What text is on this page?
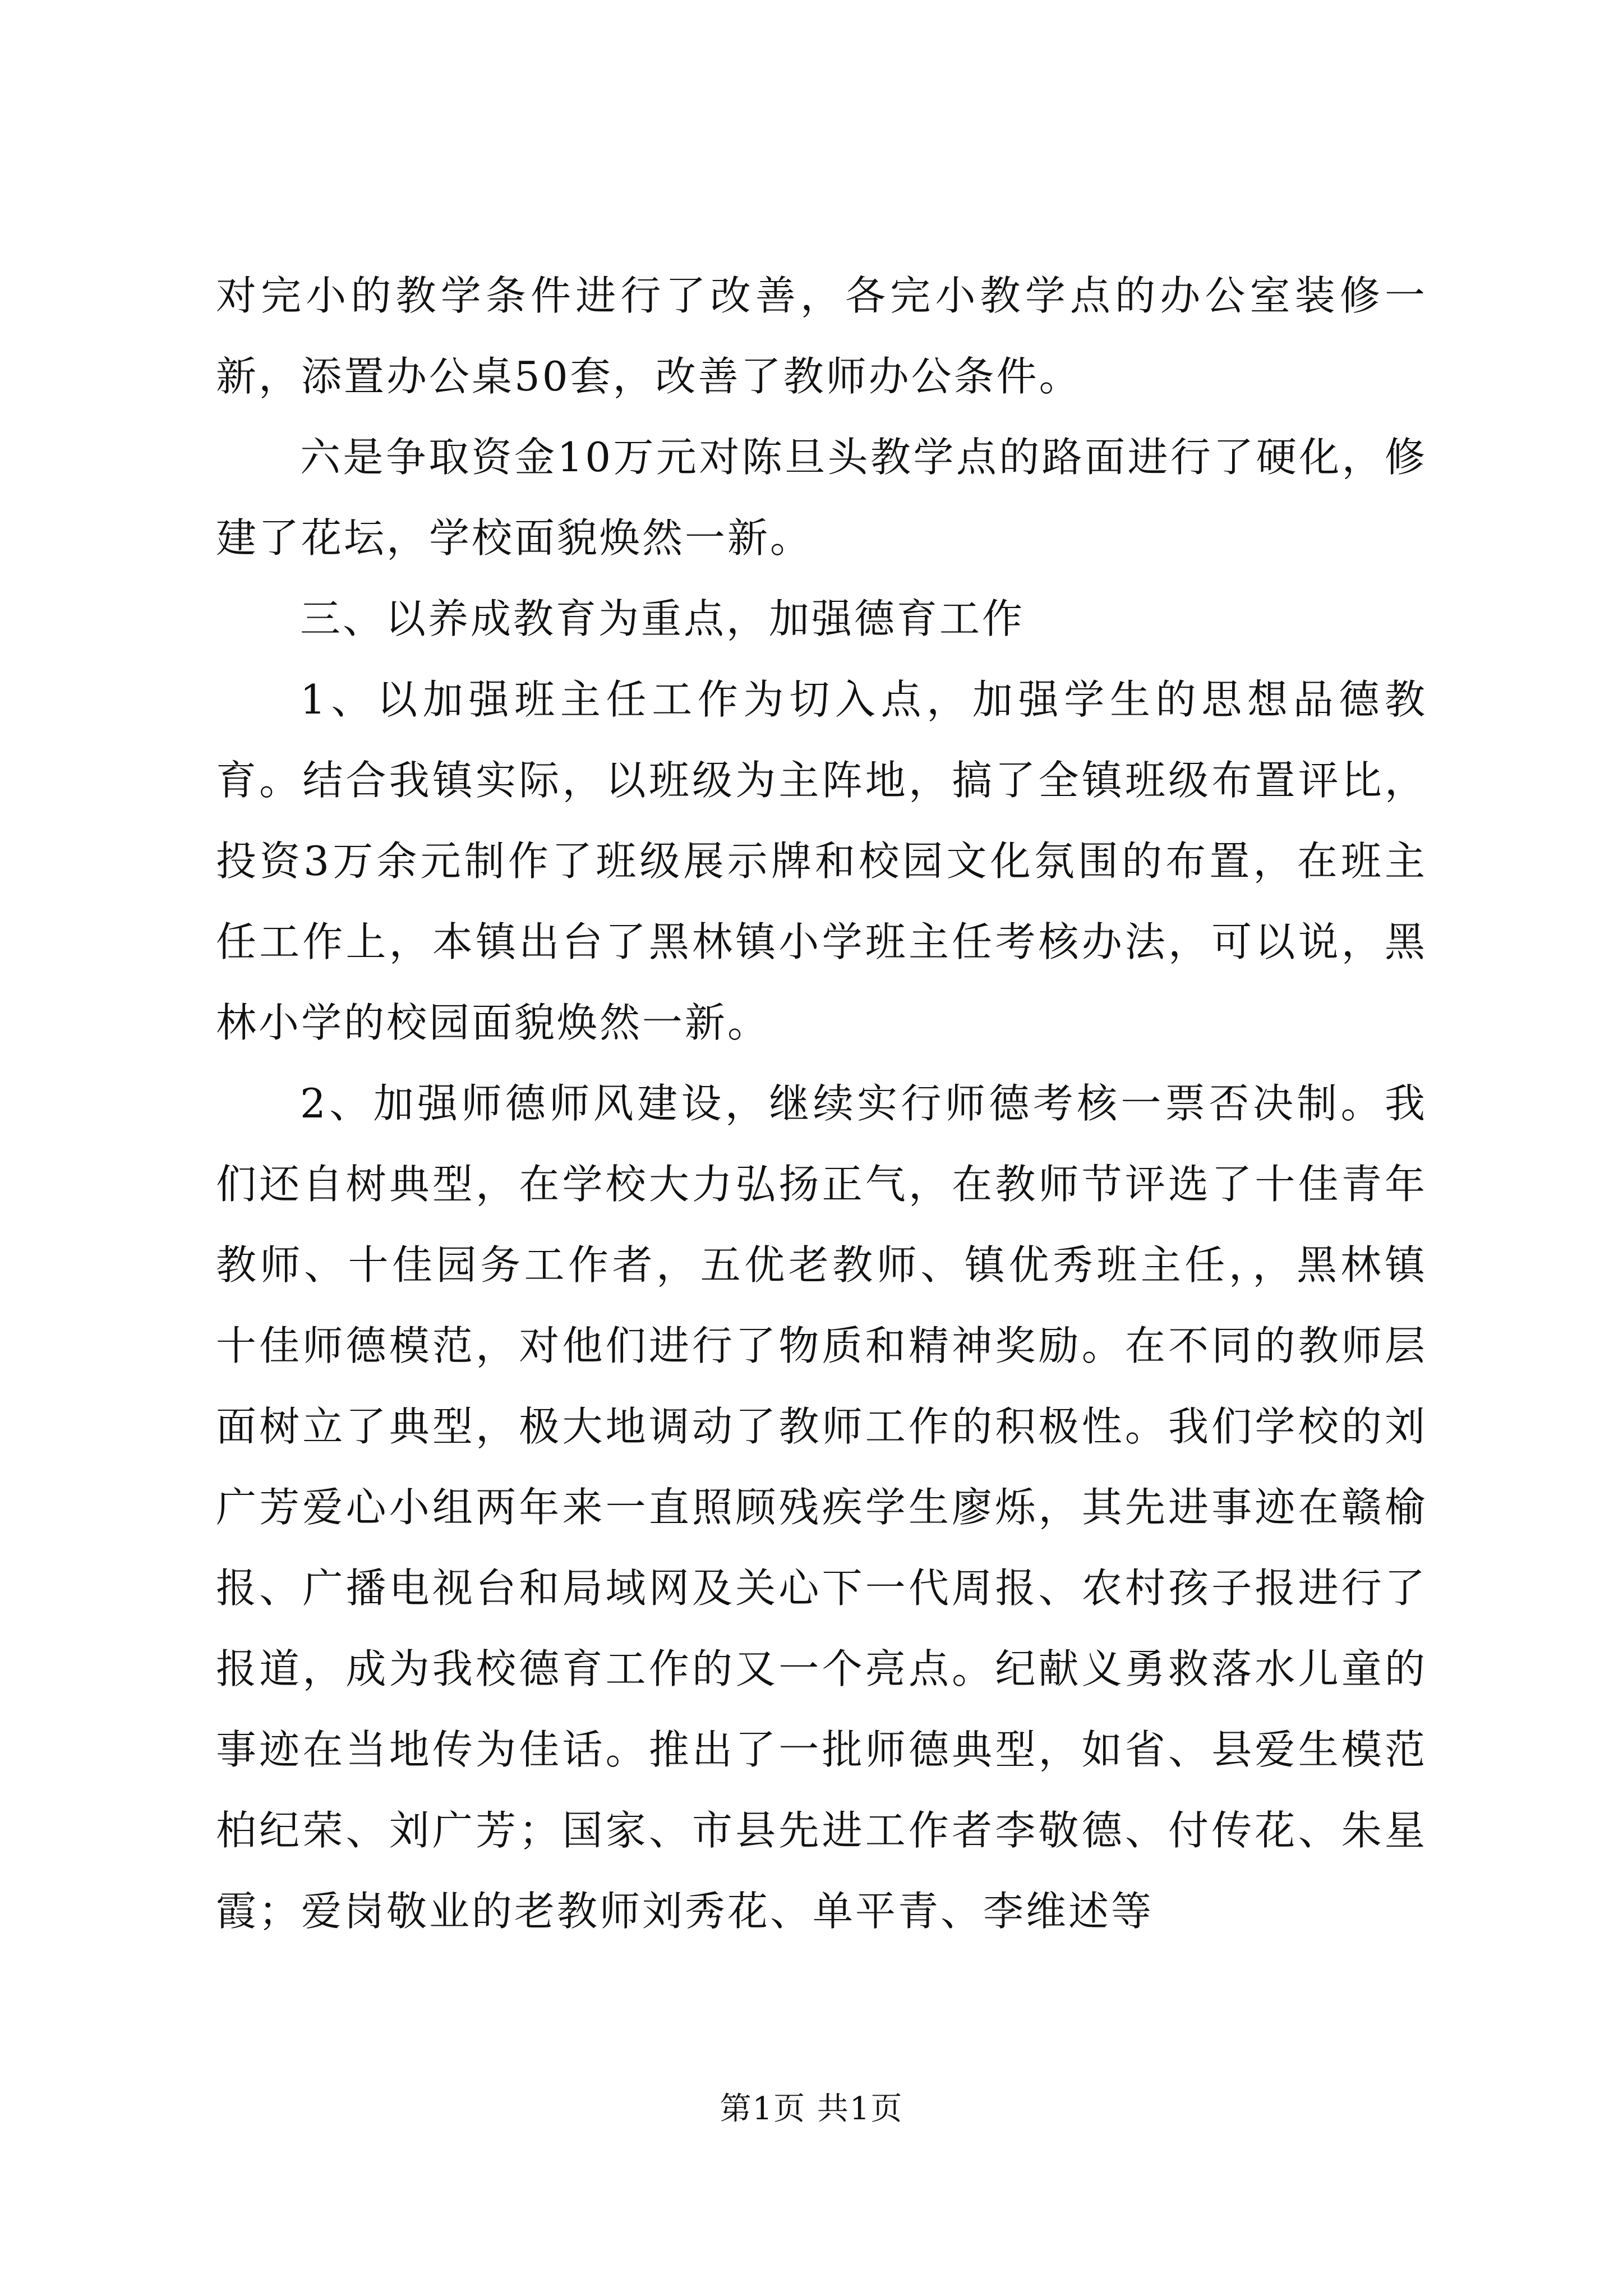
对完小的教学条件进行了改善，各完小教学点的办公室装修一新，添置办公桌50套，改善了教师办公条件。

六是争取资金10万元对陈旦头教学点的路面进行了硬化，修建了花坛，学校面貌焕然一新。

三、以养成教育为重点，加强德育工作

1、以加强班主任工作为切入点，加强学生的思想品德教育。结合我镇实际，以班级为主阵地，搞了全镇班级布置评比，投资3万余元制作了班级展示牌和校园文化氛围的布置，在班主任工作上，本镇出台了黑林镇小学班主任考核办法，可以说，黑林小学的校园面貌焕然一新。

2、加强师德师风建设，继续实行师德考核一票否决制。我们还自树典型，在学校大力弘扬正气，在教师节评选了十佳青年教师、十佳园务工作者，五优老教师、镇优秀班主任，，黑林镇十佳师德模范，对他们进行了物质和精神奖励。在不同的教师层面树立了典型，极大地调动了教师工作的积极性。我们学校的刘广芳爱心小组两年来一直照顾残疾学生廖烁，其先进事迹在赣榆报、广播电视台和局域网及关心下一代周报、农村孩子报进行了报道，成为我校德育工作的又一个亮点。纪献义勇救落水儿童的事迹在当地传为佳话。推出了一批师德典型，如省、县爱生模范柏纪荣、刘广芳；国家、市县先进工作者李敬德、付传花、朱星霞；爱岗敬业的老教师刘秀花、单平青、李维述等

第1页 共1页
